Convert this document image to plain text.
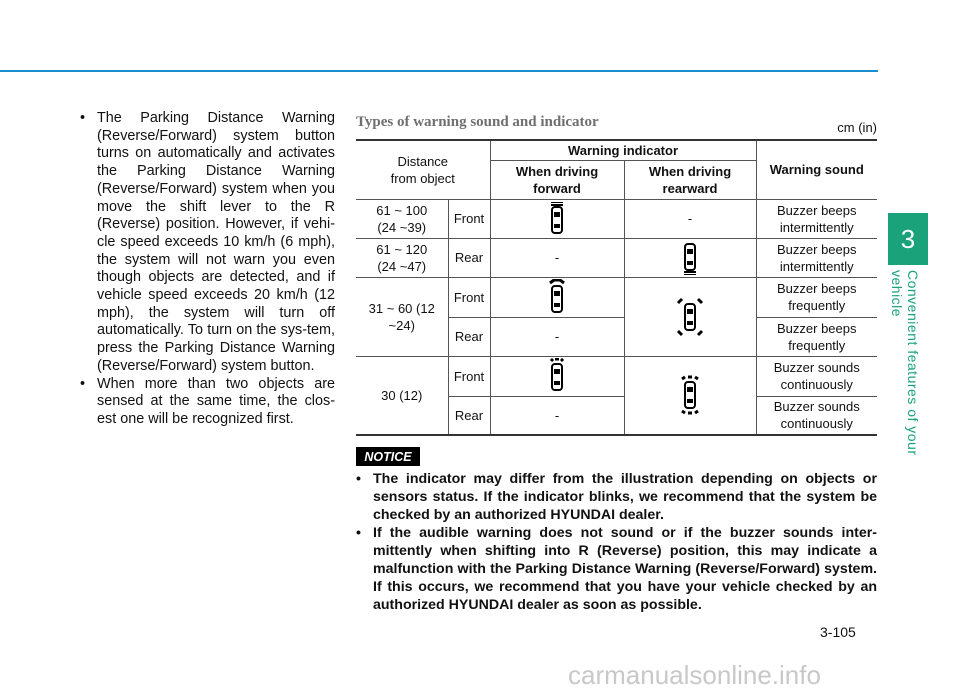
3
Convenient features of your vehicle
• The Parking Distance Warning (Reverse/Forward) system button turns on automatically and activates the Parking Distance Warning (Reverse/Forward) system when you move the shift lever to the R (Reverse) position. However, if vehi-cle speed exceeds 10 km/h (6 mph), the system will not warn you even though objects are detected, and if vehicle speed exceeds 20 km/h (12 mph), the system will turn off automatically. To turn on the sys-tem, press the Parking Distance Warning (Reverse/Forward) system button.
• When more than two objects are sensed at the same time, the clos-est one will be recognized first.
Types of warning sound and indicator	cm (in)
Distance from object		Warning indicator		Warning sound
		When driving forward	When driving rearward	
61 ~ 100 (24 ~39)	Front		-	Buzzer beeps intermittently
61 ~ 120 (24 ~47)	Rear	-		Buzzer beeps intermittently
31 ~ 60 (12 ~24)	Front			Buzzer beeps frequently
	Rear	-		Buzzer beeps frequently
30 (12)	Front			Buzzer sounds continuously
	Rear	-		Buzzer sounds continuously
NOTICE
• The indicator may differ from the illustration depending on objects or sensors status. If the indicator blinks, we recommend that the system be checked by an authorized HYUNDAI dealer.
• If the audible warning does not sound or if the buzzer sounds inter-mittently when shifting into R (Reverse) position, this may indicate a malfunction with the Parking Distance Warning (Reverse/Forward) system. If this occurs, we recommend that you have your vehicle checked by an authorized HYUNDAI dealer as soon as possible.
3-105
carmanualsonline.info
